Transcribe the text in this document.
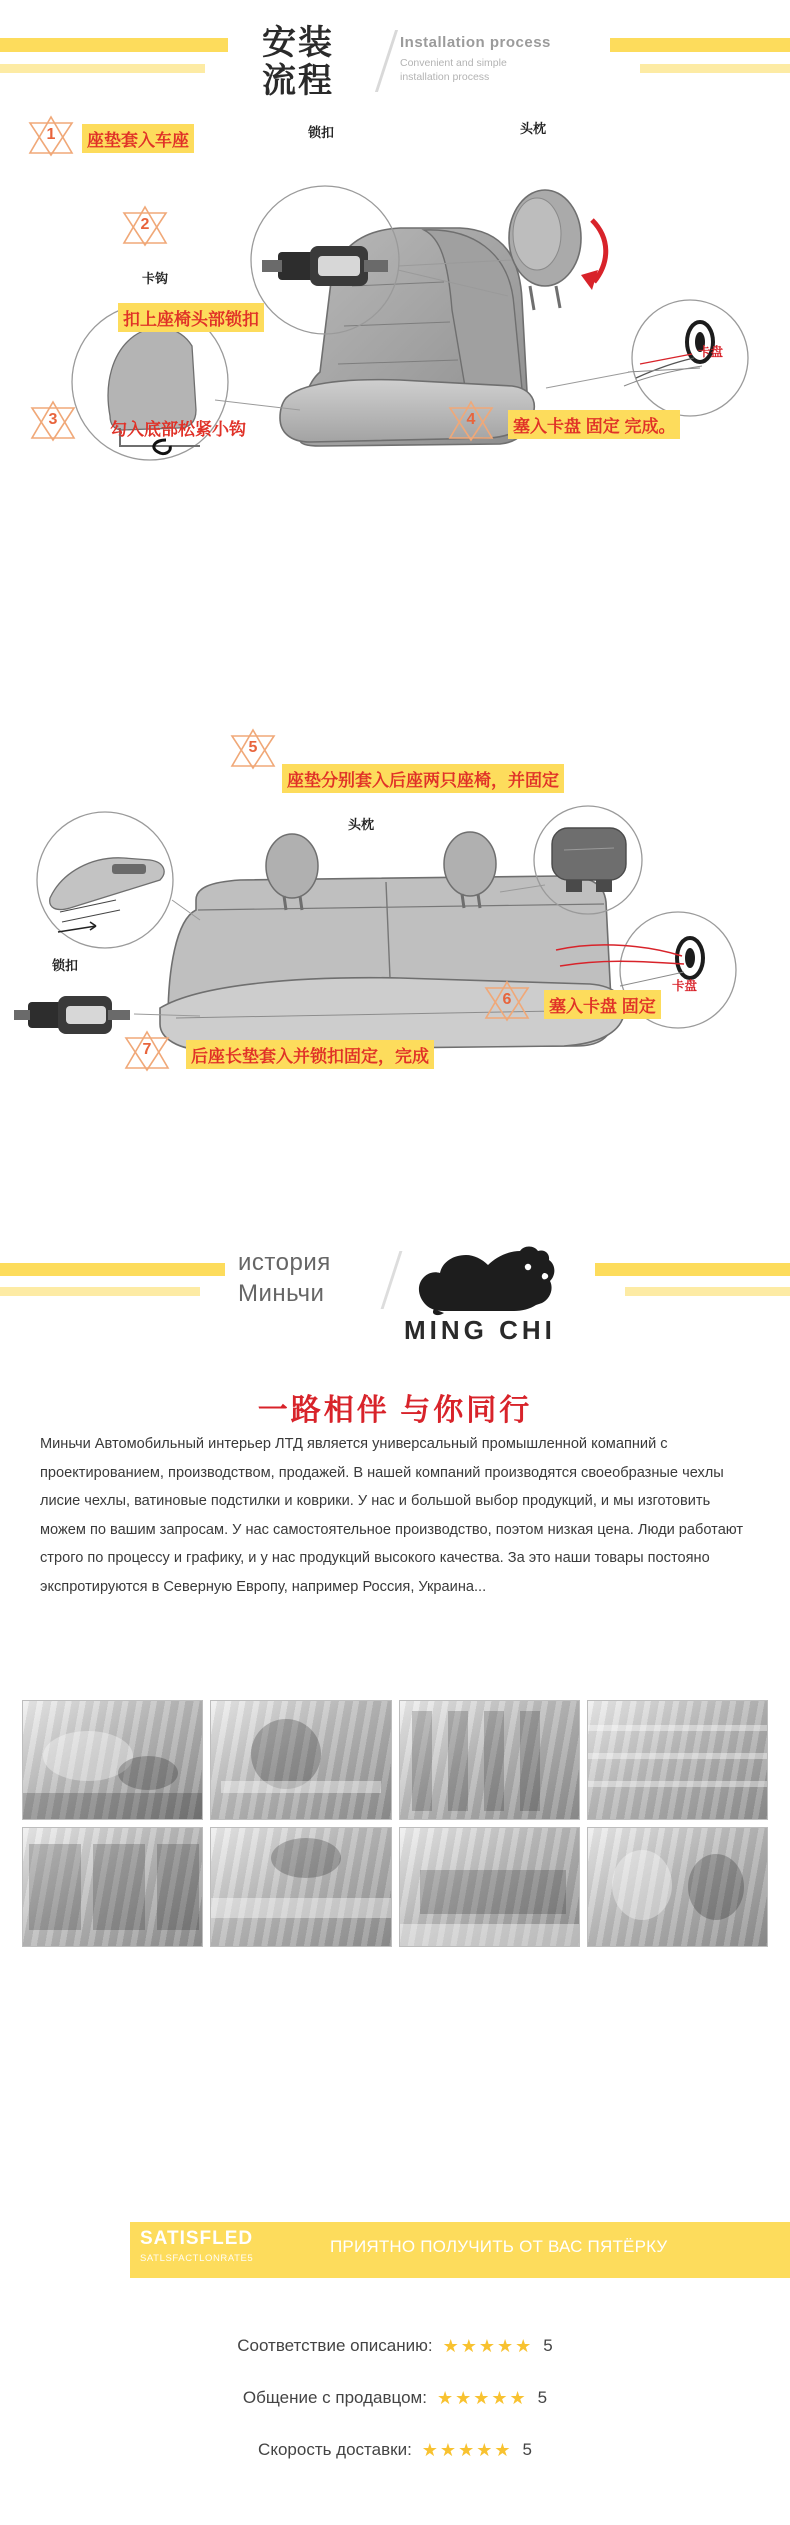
安装
流程
Installation process
Convenient and simple
installation process
1	座垫套入车座
2
扣上座椅头部锁扣
3
勾入底部松紧小钩
4	塞入卡盘 固定 完成。
锁扣	头枕
卡钩
卡盘
5
座垫分别套入后座两只座椅，并固定
6	塞入卡盘 固定
7	后座长垫套入并锁扣固定，完成
头枕
锁扣
卡盘
история
Миньчи
MING CHI
一路相伴 与你同行
Миньчи Автомобильный интерьер ЛТД является универсальный промышленной комапний с проектированием, производством, продажей. В нашей компаний производятся своеобразные чехлы лисие чехлы, ватиновые подстилки и коврики. У нас и большой выбор продукций, и мы изготовить можем по вашим запросам. У нас самостоятельное производство, поэтом низкая цена. Люди работают строго по процессу и графику, и у нас продукций высокого качества. За это наши товары постояно экспротируются в Северную Европу, например Россия, Украина...
SATISFLED
SATLSFACTLONRATE5
ПРИЯТНО ПОЛУЧИТЬ ОТ ВАС ПЯТЁРКУ
Соответствие описанию: ★★★★★ 5
Общение с продавцом: ★★★★★ 5
Скорость доставки: ★★★★★ 5
